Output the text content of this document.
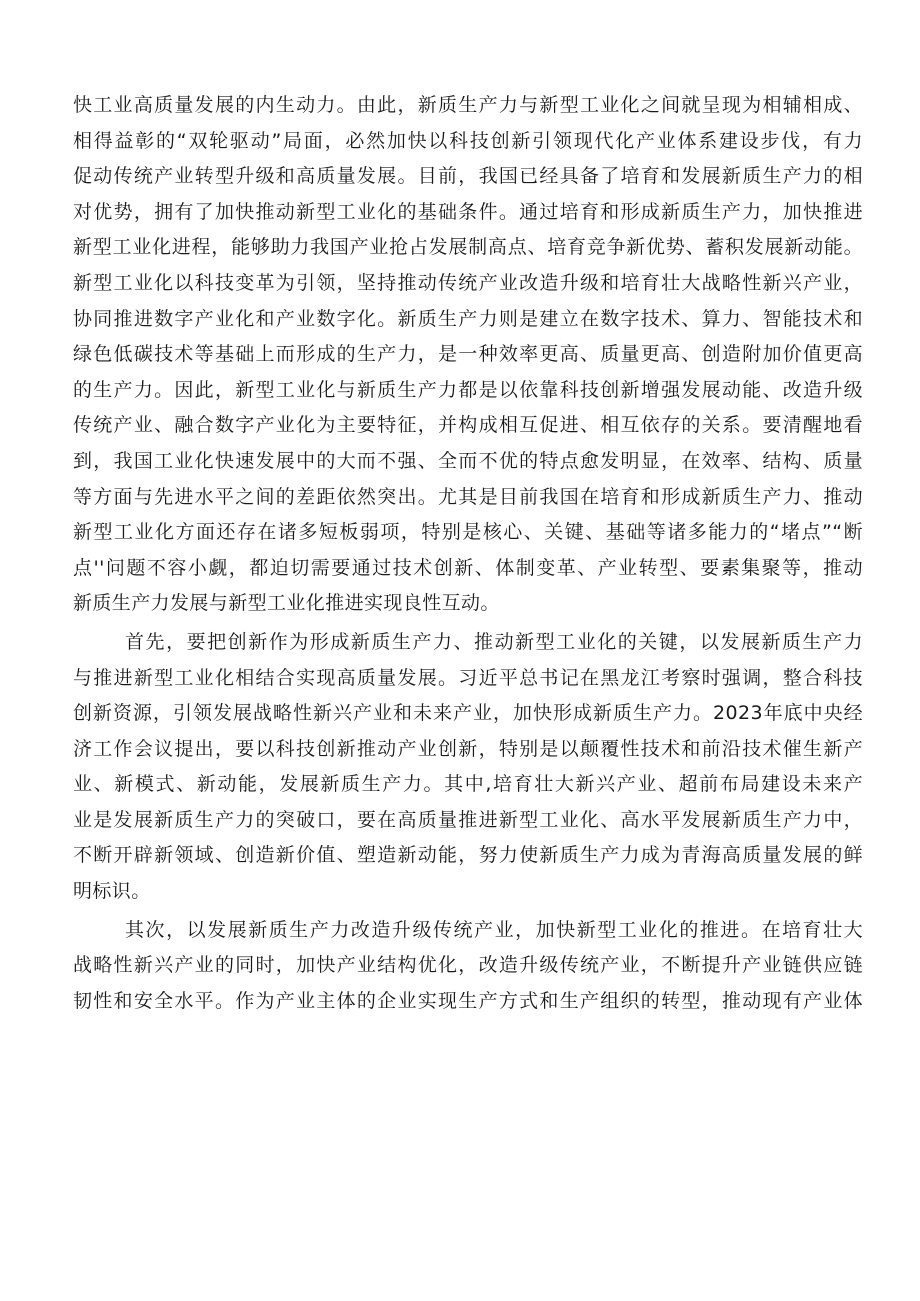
快工业高质量发展的内生动力。由此，新质生产力与新型工业化之间就呈现为相辅相成、
相得益彰的“双轮驱动”局面，必然加快以科技创新引领现代化产业体系建设步伐，有力
促动传统产业转型升级和高质量发展。目前，我国已经具备了培育和发展新质生产力的相
对优势，拥有了加快推动新型工业化的基础条件。通过培育和形成新质生产力，加快推进
新型工业化进程，能够助力我国产业抢占发展制高点、培育竞争新优势、蓄积发展新动能。
新型工业化以科技变革为引领，坚持推动传统产业改造升级和培育壮大战略性新兴产业，
协同推进数字产业化和产业数字化。新质生产力则是建立在数字技术、算力、智能技术和
绿色低碳技术等基础上而形成的生产力，是一种效率更高、质量更高、创造附加价值更高
的生产力。因此，新型工业化与新质生产力都是以依靠科技创新增强发展动能、改造升级
传统产业、融合数字产业化为主要特征，并构成相互促进、相互依存的关系。要清醒地看
到，我国工业化快速发展中的大而不强、全而不优的特点愈发明显，在效率、结构、质量
等方面与先进水平之间的差距依然突出。尤其是目前我国在培育和形成新质生产力、推动
新型工业化方面还存在诸多短板弱项，特别是核心、关键、基础等诸多能力的“堵点”“断
点''问题不容小觑，都迫切需要通过技术创新、体制变革、产业转型、要素集聚等，推动
新质生产力发展与新型工业化推进实现良性互动。
首先，要把创新作为形成新质生产力、推动新型工业化的关键，以发展新质生产力
与推进新型工业化相结合实现高质量发展。习近平总书记在黑龙江考察时强调，整合科技
创新资源，引领发展战略性新兴产业和未来产业，加快形成新质生产力。2023年底中央经
济工作会议提出，要以科技创新推动产业创新，特别是以颠覆性技术和前沿技术催生新产
业、新模式、新动能，发展新质生产力。其中,培育壮大新兴产业、超前布局建设未来产
业是发展新质生产力的突破口，要在高质量推进新型工业化、高水平发展新质生产力中，
不断开辟新领域、创造新价值、塑造新动能，努力使新质生产力成为青海高质量发展的鲜
明标识。
其次，以发展新质生产力改造升级传统产业，加快新型工业化的推进。在培育壮大
战略性新兴产业的同时，加快产业结构优化，改造升级传统产业，不断提升产业链供应链
韧性和安全水平。作为产业主体的企业实现生产方式和生产组织的转型，推动现有产业体
